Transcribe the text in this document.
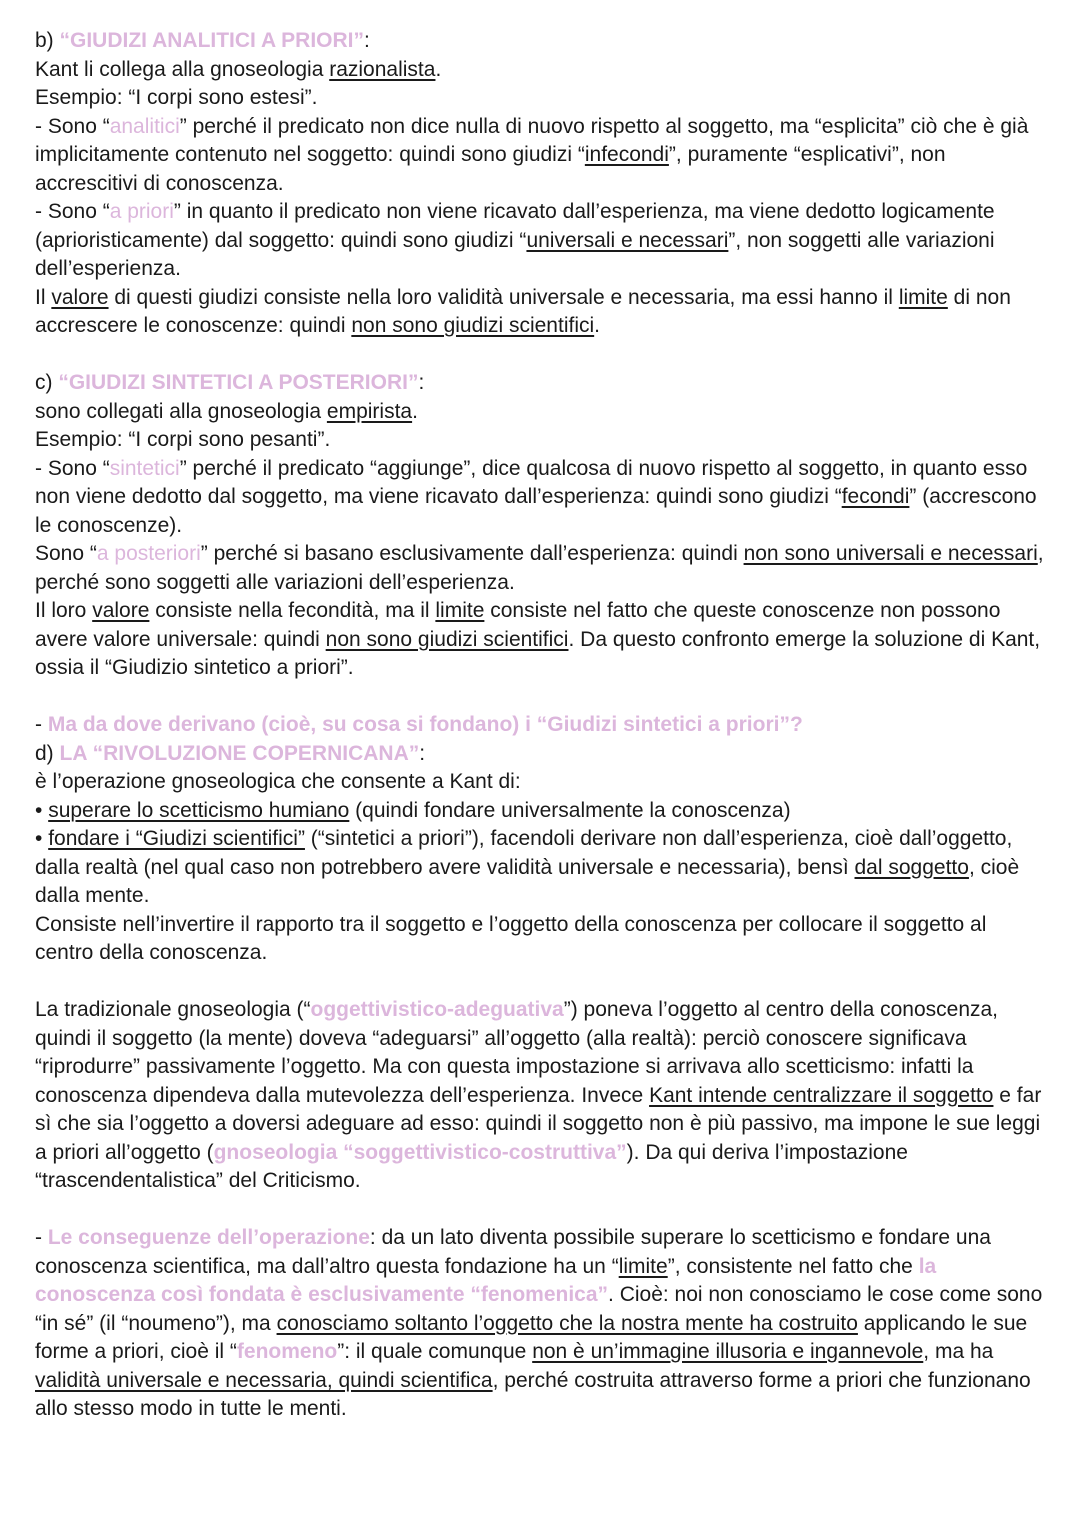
b) “GIUDIZI ANALITICI A PRIORI”:

Kant li collega alla gnoseologia razionalista.

Esempio: “I corpi sono estesi”.

- Sono “analitici” perché il predicato non dice nulla di nuovo rispetto al soggetto, ma “esplicita” ciò che è già implicitamente contenuto nel soggetto: quindi sono giudizi “infecondi”, puramente “esplicativi”, non accrescitivi di conoscenza.

- Sono “a priori” in quanto il predicato non viene ricavato dall’esperienza, ma viene dedotto logicamente (aprioristicamente) dal soggetto: quindi sono giudizi “universali e necessari”, non soggetti alle variazioni dell’esperienza.

Il valore di questi giudizi consiste nella loro validità universale e necessaria, ma essi hanno il limite di non accrescere le conoscenze: quindi non sono giudizi scientifici.

c) “GIUDIZI SINTETICI A POSTERIORI”:

sono collegati alla gnoseologia empirista.

Esempio: “I corpi sono pesanti”.

- Sono “sintetici” perché il predicato “aggiunge”, dice qualcosa di nuovo rispetto al soggetto, in quanto esso non viene dedotto dal soggetto, ma viene ricavato dall’esperienza: quindi sono giudizi “fecondi” (accrescono le conoscenze).

Sono “a posteriori” perché si basano esclusivamente dall’esperienza: quindi non sono universali e necessari, perché sono soggetti alle variazioni dell’esperienza.

Il loro valore consiste nella fecondità, ma il limite consiste nel fatto che queste conoscenze non possono avere valore universale: quindi non sono giudizi scientifici. Da questo confronto emerge la soluzione di Kant, ossia il “Giudizio sintetico a priori”.

- Ma da dove derivano (cioè, su cosa si fondano) i “Giudizi sintetici a priori”?

d) LA “RIVOLUZIONE COPERNICANA”:

è l’operazione gnoseologica che consente a Kant di:

• superare lo scetticismo humiano (quindi fondare universalmente la conoscenza)

• fondare i “Giudizi scientifici” (“sintetici a priori”), facendoli derivare non dall’esperienza, cioè dall’oggetto, dalla realtà (nel qual caso non potrebbero avere validità universale e necessaria), bensì dal soggetto, cioè dalla mente.

Consiste nell’invertire il rapporto tra il soggetto e l’oggetto della conoscenza per collocare il soggetto al centro della conoscenza.

La tradizionale gnoseologia (“oggettivistico-adeguativa”) poneva l’oggetto al centro della conoscenza, quindi il soggetto (la mente) doveva “adeguarsi” all’oggetto (alla realtà): perciò conoscere significava “riprodurre” passivamente l’oggetto. Ma con questa impostazione si arrivava allo scetticismo: infatti la conoscenza dipendeva dalla mutevolezza dell’esperienza. Invece Kant intende centralizzare il soggetto e far sì che sia l’oggetto a doversi adeguare ad esso: quindi il soggetto non è più passivo, ma impone le sue leggi a priori all’oggetto (gnoseologia “soggettivistico-costruttiva”). Da qui deriva l’impostazione “trascendentalistica” del Criticismo.

- Le conseguenze dell’operazione: da un lato diventa possibile superare lo scetticismo e fondare una conoscenza scientifica, ma dall’altro questa fondazione ha un “limite”, consistente nel fatto che la conoscenza così fondata è esclusivamente “fenomenica”. Cioè: noi non conosciamo le cose come sono “in sé” (il “noumeno”), ma conosciamo soltanto l’oggetto che la nostra mente ha costruito applicando le sue forme a priori, cioè il “fenomeno”: il quale comunque non è un’immagine illusoria e ingannevole, ma ha validità universale e necessaria, quindi scientifica, perché costruita attraverso forme a priori che funzionano allo stesso modo in tutte le menti.
